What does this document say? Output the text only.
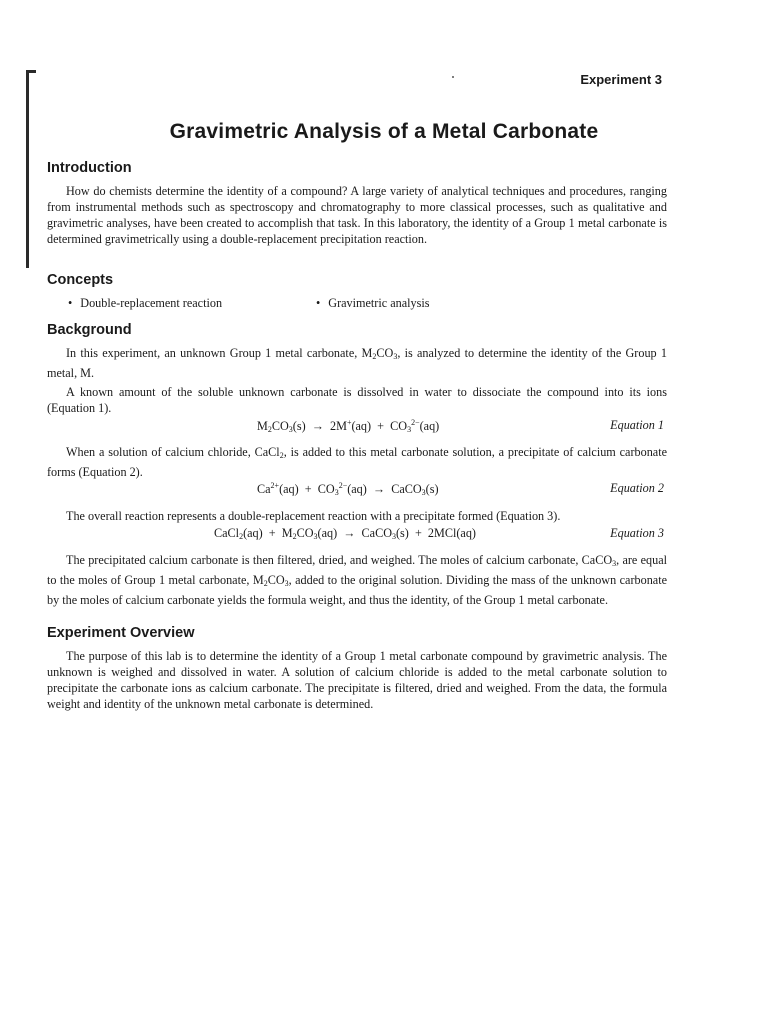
Experiment 3
Gravimetric Analysis of a Metal Carbonate
Introduction
How do chemists determine the identity of a compound? A large variety of analytical techniques and procedures, ranging from instrumental methods such as spectroscopy and chromatography to more classical processes, such as qualitative and gravimetric analyses, have been created to accomplish that task. In this laboratory, the identity of a Group 1 metal carbonate is determined gravimetrically using a double-replacement precipitation reaction.
Concepts
• Double-replacement reaction
•	Gravimetric analysis
Background
In this experiment, an unknown Group 1 metal carbonate, $M_2CO_3$, is analyzed to determine the identity of the Group 1 metal, M.
A known amount of the soluble unknown carbonate is dissolved in water to dissociate the compound into its ions (Equation 1).
$M_2CO_3(s) \to 2M^+(aq) + CO_3^{2-}(aq)$	Equation 1
When a solution of calcium chloride, CaCl$_2$, is added to this metal carbonate solution, a precipitate of calcium carbonate forms (Equation 2).
$Ca^{2+}(aq) + CO_3^{2-}(aq)$  →  CaCO$_3$(s)	Equation 2
The overall reaction represents a double-replacement reaction with a precipitate formed (Equation 3).
CaCl$_2$(aq)  +  $M_2CO_3(aq)$  →  CaCO$_3$(s)  +  2MCl(aq)	Equation 3
The precipitated calcium carbonate is then filtered, dried, and weighed. The moles of calcium carbonate, CaCO$_3$, are equal to the moles of Group 1 metal carbonate, $M_2CO_3$, added to the original solution. Dividing the mass of the unknown carbonate by the moles of calcium carbonate yields the formula weight, and thus the identity, of the Group 1 metal carbonate.
Experiment Overview
The purpose of this lab is to determine the identity of a Group 1 metal carbonate compound by gravimetric analysis. The unknown is weighed and dissolved in water. A solution of calcium chloride is added to the metal carbonate solution to precipitate the carbonate ions as calcium carbonate. The precipitate is filtered, dried and weighed. From the data, the formula weight and identity of the unknown metal carbonate is determined.
